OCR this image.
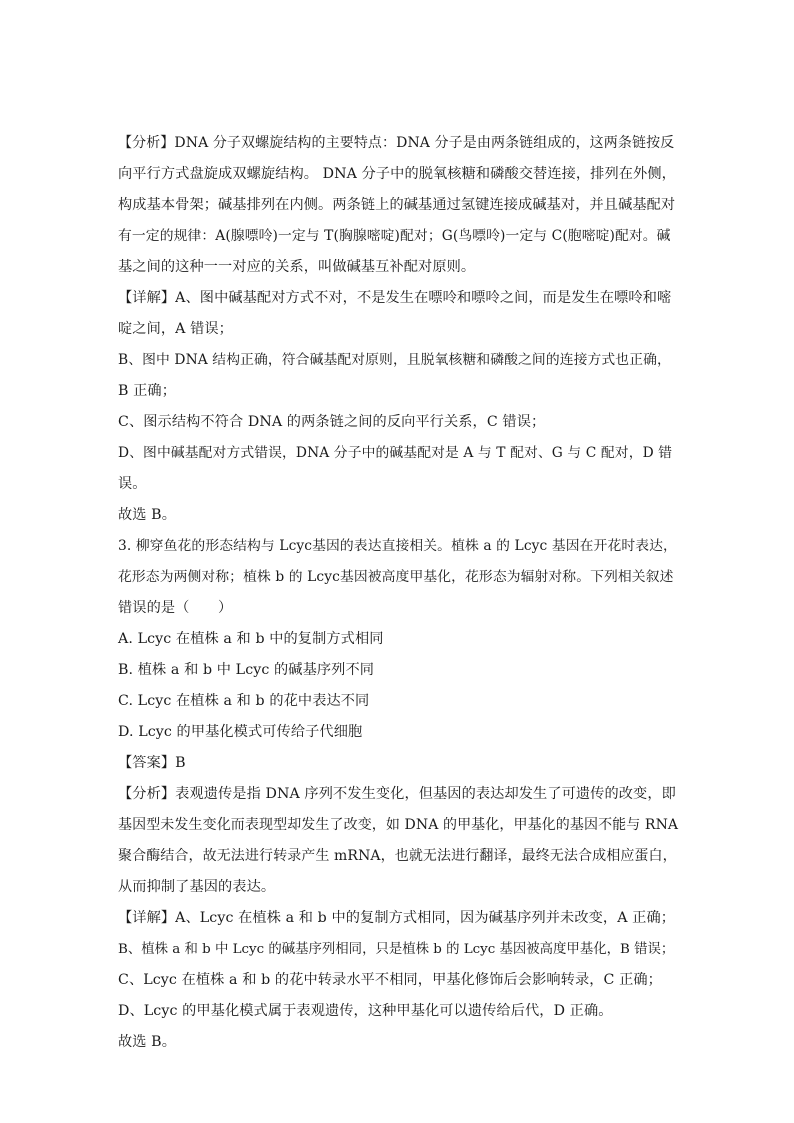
【分析】DNA 分子双螺旋结构的主要特点：DNA 分子是由两条链组成的，这两条链按反
向平行方式盘旋成双螺旋结构。 DNA 分子中的脱氧核糖和磷酸交替连接，排列在外侧，
构成基本骨架；碱基排列在内侧。两条链上的碱基通过氢键连接成碱基对，并且碱基配对
有一定的规律：A(腺嘌呤)一定与 T(胸腺嘧啶)配对；G(鸟嘌呤)一定与 C(胞嘧啶)配对。碱
基之间的这种一一对应的关系，叫做碱基互补配对原则。
【详解】A、图中碱基配对方式不对，不是发生在嘌呤和嘌呤之间，而是发生在嘌呤和嘧
啶之间，A 错误；
B、图中 DNA 结构正确，符合碱基配对原则，且脱氧核糖和磷酸之间的连接方式也正确，
B 正确；
C、图示结构不符合 DNA 的两条链之间的反向平行关系，C 错误；
D、图中碱基配对方式错误，DNA 分子中的碱基配对是 A 与 T 配对、G 与 C 配对，D 错
误。
故选 B。
3. 柳穿鱼花的形态结构与 Lcyc基因的表达直接相关。植株 a 的 Lcyc 基因在开花时表达，
花形态为两侧对称；植株 b 的 Lcyc基因被高度甲基化，花形态为辐射对称。下列相关叙述
错误的是（　　）
A. Lcyc 在植株 a 和 b 中的复制方式相同
B. 植株 a 和 b 中 Lcyc 的碱基序列不同
C. Lcyc 在植株 a 和 b 的花中表达不同
D. Lcyc 的甲基化模式可传给子代细胞
【答案】B
【分析】表观遗传是指 DNA 序列不发生变化，但基因的表达却发生了可遗传的改变，即
基因型未发生变化而表现型却发生了改变，如 DNA 的甲基化，甲基化的基因不能与 RNA
聚合酶结合，故无法进行转录产生 mRNA，也就无法进行翻译，最终无法合成相应蛋白，
从而抑制了基因的表达。
【详解】A、Lcyc 在植株 a 和 b 中的复制方式相同，因为碱基序列并未改变，A 正确；
B、植株 a 和 b 中 Lcyc 的碱基序列相同，只是植株 b 的 Lcyc 基因被高度甲基化，B 错误；
C、Lcyc 在植株 a 和 b 的花中转录水平不相同，甲基化修饰后会影响转录，C 正确；
D、Lcyc 的甲基化模式属于表观遗传，这种甲基化可以遗传给后代，D 正确。
故选 B。
